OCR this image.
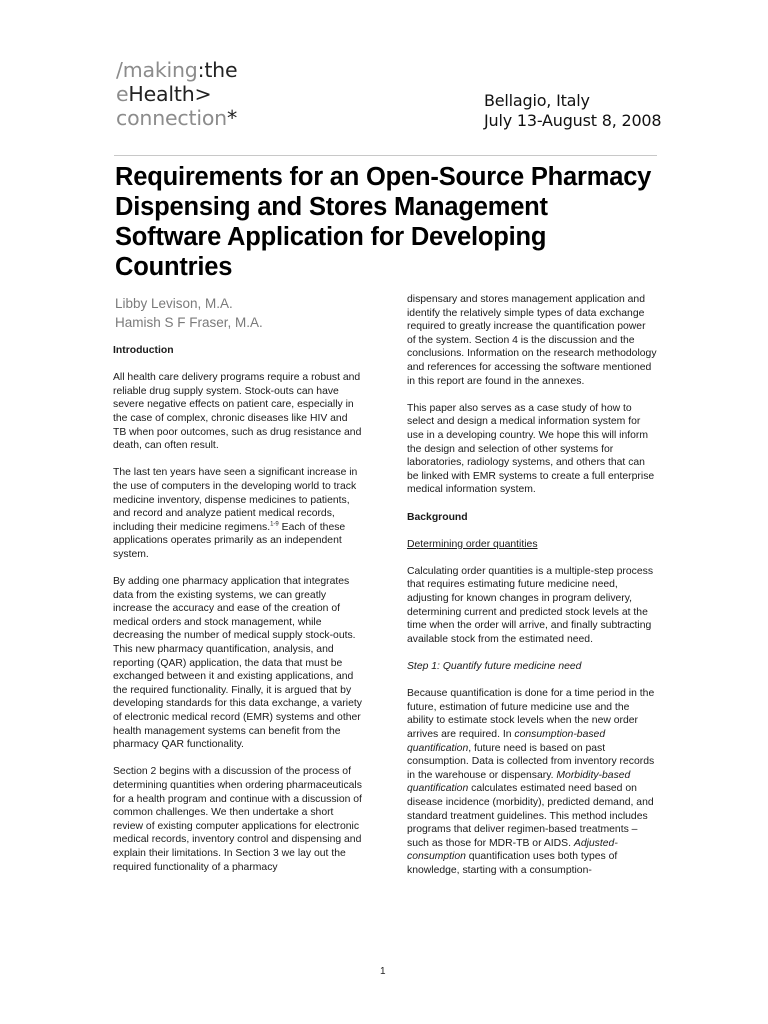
/making:the
eHealth>
connection*
Bellagio, Italy
July 13-August 8, 2008
Requirements for an Open-Source Pharmacy Dispensing and Stores Management Software Application for Developing Countries
Libby Levison, M.A.
Hamish S F Fraser, M.A.
Introduction

All health care delivery programs require a robust and reliable drug supply system. Stock-outs can have severe negative effects on patient care, especially in the case of complex, chronic diseases like HIV and TB when poor outcomes, such as drug resistance and death, can often result.

The last ten years have seen a significant increase in the use of computers in the developing world to track medicine inventory, dispense medicines to patients, and record and analyze patient medical records, including their medicine regimens.$^{1-9}$ Each of these applications operates primarily as an independent system.

By adding one pharmacy application that integrates data from the existing systems, we can greatly increase the accuracy and ease of the creation of medical orders and stock management, while decreasing the number of medical supply stock-outs. This new pharmacy quantification, analysis, and reporting (QAR) application, the data that must be exchanged between it and existing applications, and the required functionality. Finally, it is argued that by developing standards for this data exchange, a variety of electronic medical record (EMR) systems and other health management systems can benefit from the pharmacy QAR functionality.

Section 2 begins with a discussion of the process of determining quantities when ordering pharmaceuticals for a health program and continue with a discussion of common challenges. We then undertake a short review of existing computer applications for electronic medical records, inventory control and dispensing and explain their limitations. In Section 3 we lay out the required functionality of a pharmacy

dispensary and stores management application and identify the relatively simple types of data exchange required to greatly increase the quantification power of the system. Section 4 is the discussion and the conclusions. Information on the research methodology and references for accessing the software mentioned in this report are found in the annexes.

This paper also serves as a case study of how to select and design a medical information system for use in a developing country. We hope this will inform the design and selection of other systems for laboratories, radiology systems, and others that can be linked with EMR systems to create a full enterprise medical information system.

Background

Determining order quantities

Calculating order quantities is a multiple-step process that requires estimating future medicine need, adjusting for known changes in program delivery, determining current and predicted stock levels at the time when the order will arrive, and finally subtracting available stock from the estimated need.

Step 1: Quantify future medicine need

Because quantification is done for a time period in the future, estimation of future medicine use and the ability to estimate stock levels when the new order arrives are required. In consumption-based quantification, future need is based on past consumption. Data is collected from inventory records in the warehouse or dispensary. Morbidity-based quantification calculates estimated need based on disease incidence (morbidity), predicted demand, and standard treatment guidelines. This method includes programs that deliver regimen-based treatments – such as those for MDR-TB or AIDS. Adjusted-consumption quantification uses both types of knowledge, starting with a consumption-

1
